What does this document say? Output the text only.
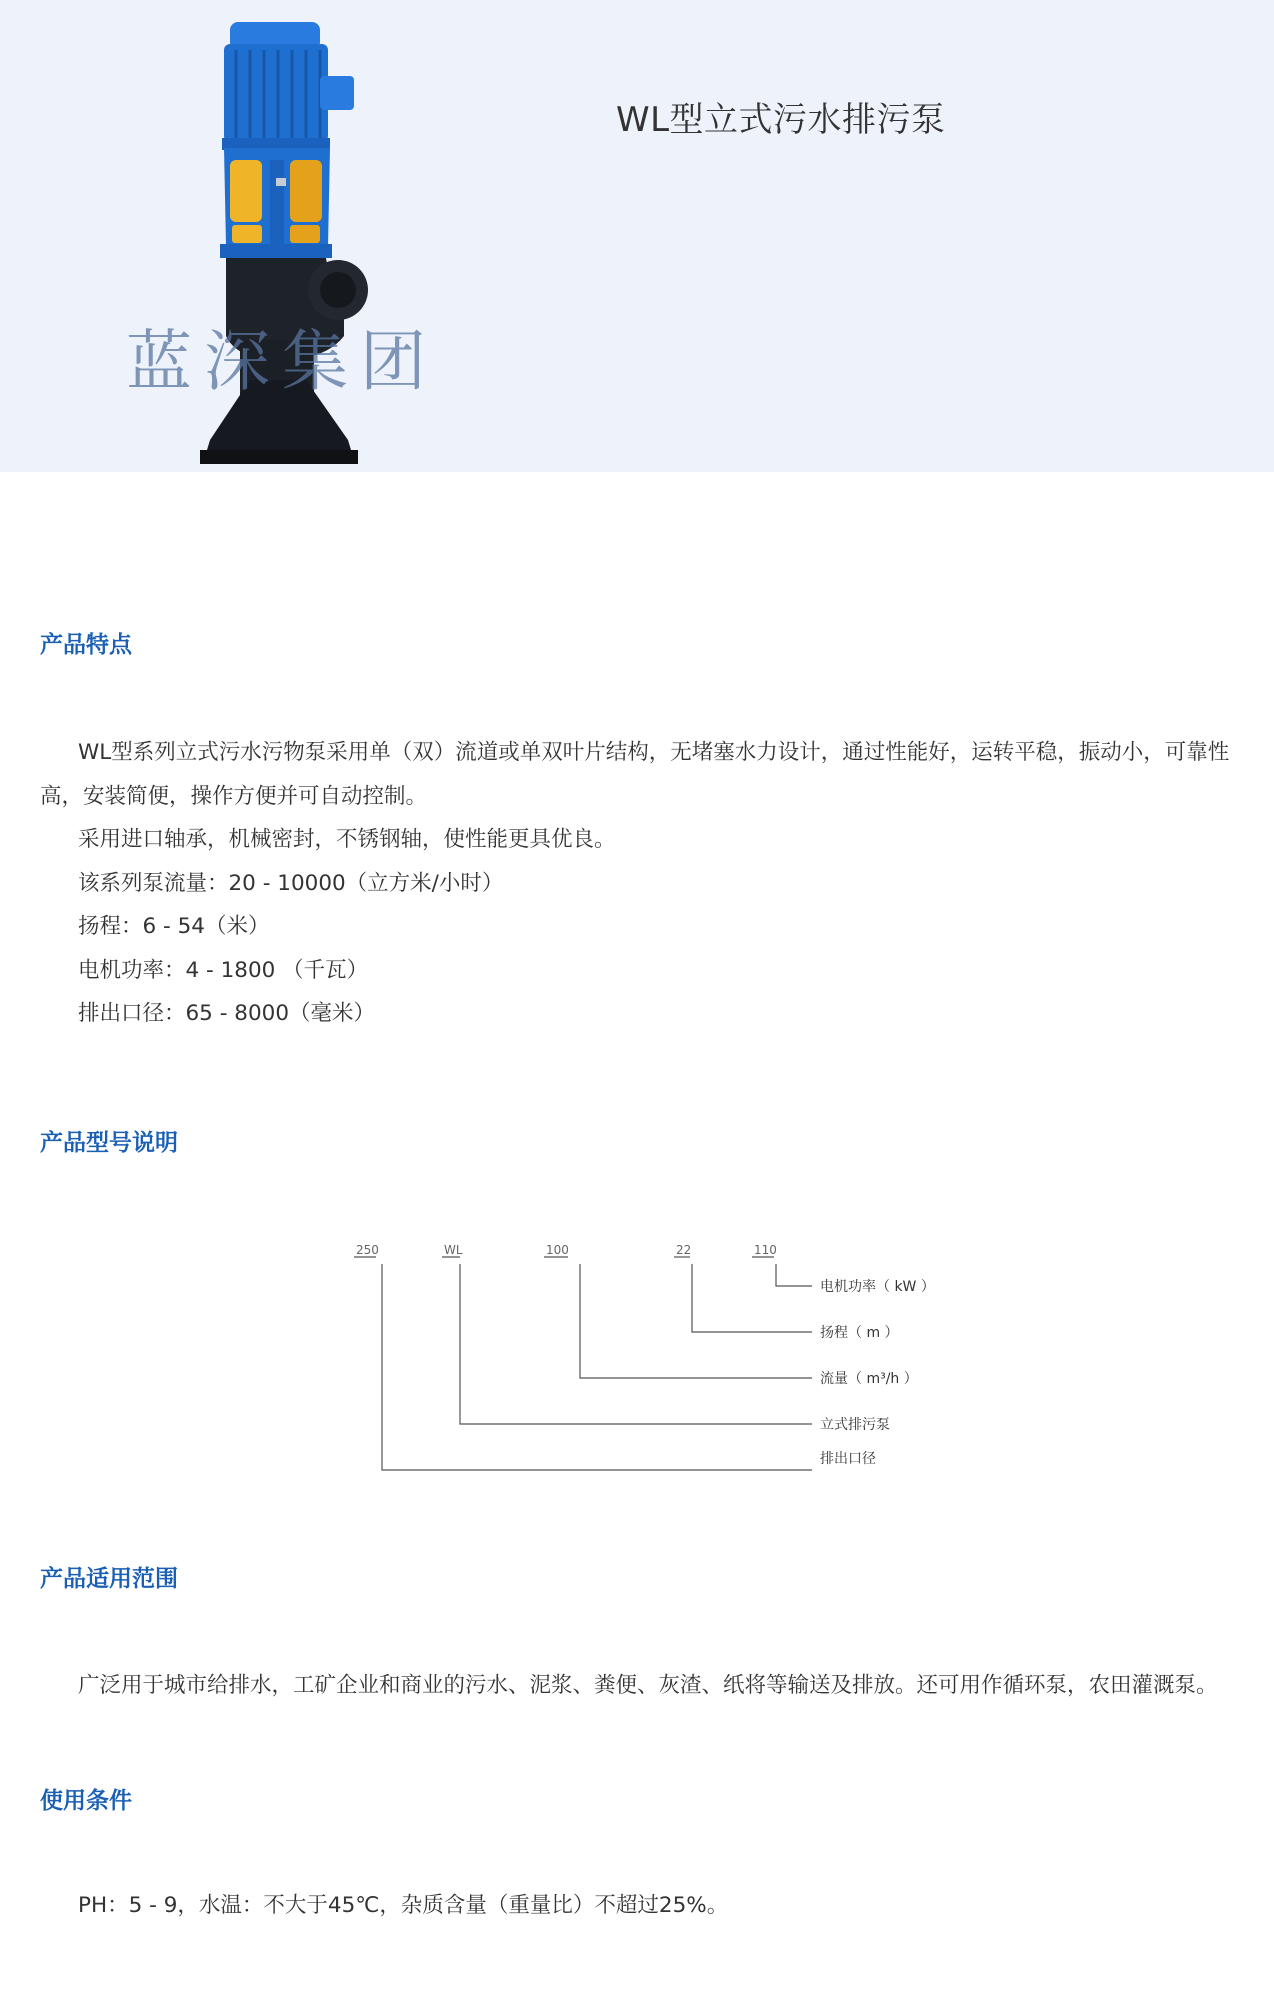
蓝深集团
WL型立式污水排污泵
产品特点

WL型系列立式污水污物泵采用单（双）流道或单双叶片结构，无堵塞水力设计，通过性能好，运转平稳，振动小，可靠性高，安装简便，操作方便并可自动控制。

采用进口轴承，机械密封，不锈钢轴，使性能更具优良。

该系列泵流量：20 - 10000（立方米/小时）

扬程：6 - 54（米）

电机功率：4 - 1800 （千瓦）

排出口径：65 - 8000（毫米）

产品型号说明
250	WL	100	22	110
电机功率（ kW ）
扬程（ m ）
流量（ m³/h ）
立式排污泵
排出口径
产品适用范围

广泛用于城市给排水，工矿企业和商业的污水、泥浆、粪便、灰渣、纸将等输送及排放。还可用作循环泵，农田灌溉泵。

使用条件

PH：5 - 9，水温：不大于45℃，杂质含量（重量比）不超过25%。
